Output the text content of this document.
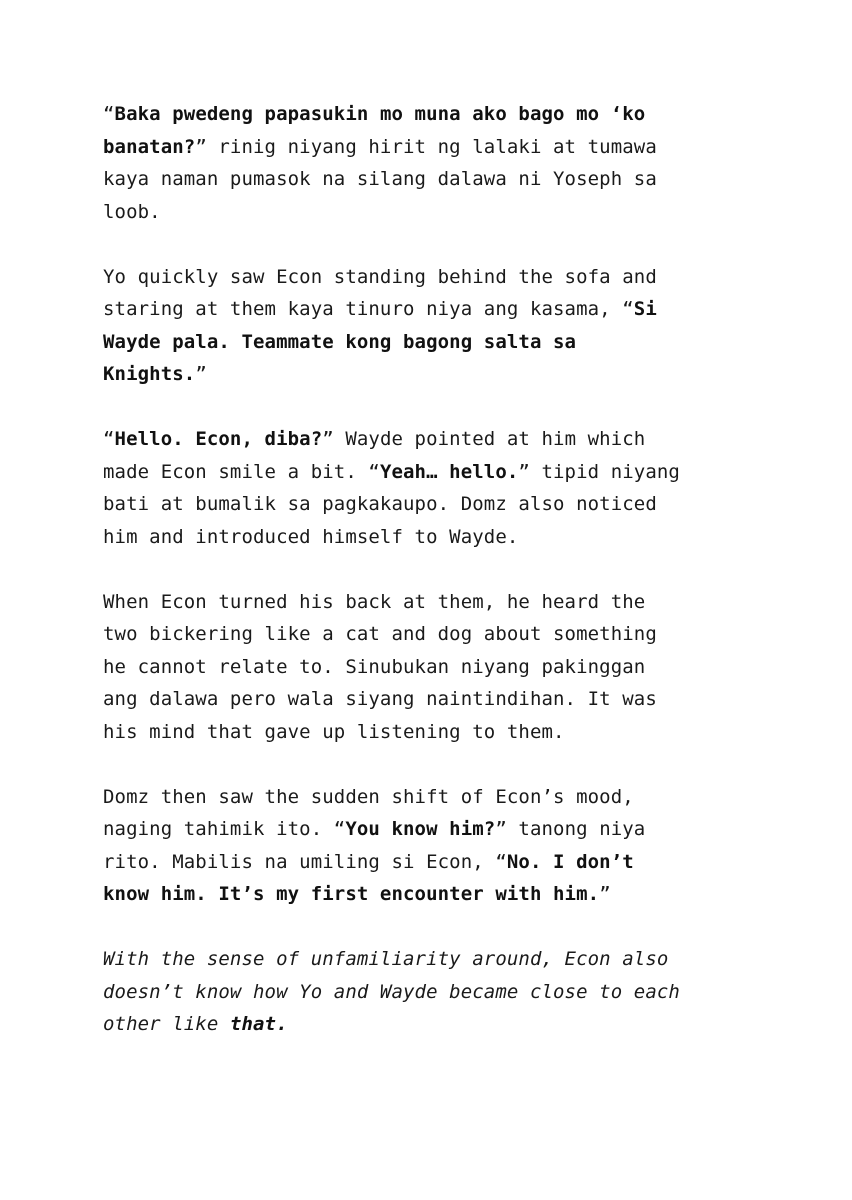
“Baka pwedeng papasukin mo muna ako bago mo ‘ko
banatan?” rinig niyang hirit ng lalaki at tumawa
kaya naman pumasok na silang dalawa ni Yoseph sa
loob.

Yo quickly saw Econ standing behind the sofa and
staring at them kaya tinuro niya ang kasama, “Si
Wayde pala. Teammate kong bagong salta sa
Knights.”

“Hello. Econ, diba?” Wayde pointed at him which
made Econ smile a bit. “Yeah… hello.” tipid niyang
bati at bumalik sa pagkakaupo. Domz also noticed
him and introduced himself to Wayde.

When Econ turned his back at them, he heard the
two bickering like a cat and dog about something
he cannot relate to. Sinubukan niyang pakinggan
ang dalawa pero wala siyang naintindihan. It was
his mind that gave up listening to them.

Domz then saw the sudden shift of Econ’s mood,
naging tahimik ito. “You know him?” tanong niya
rito. Mabilis na umiling si Econ, “No. I don’t
know him. It’s my first encounter with him.”

With the sense of unfamiliarity around, Econ also
doesn’t know how Yo and Wayde became close to each
other like that.
